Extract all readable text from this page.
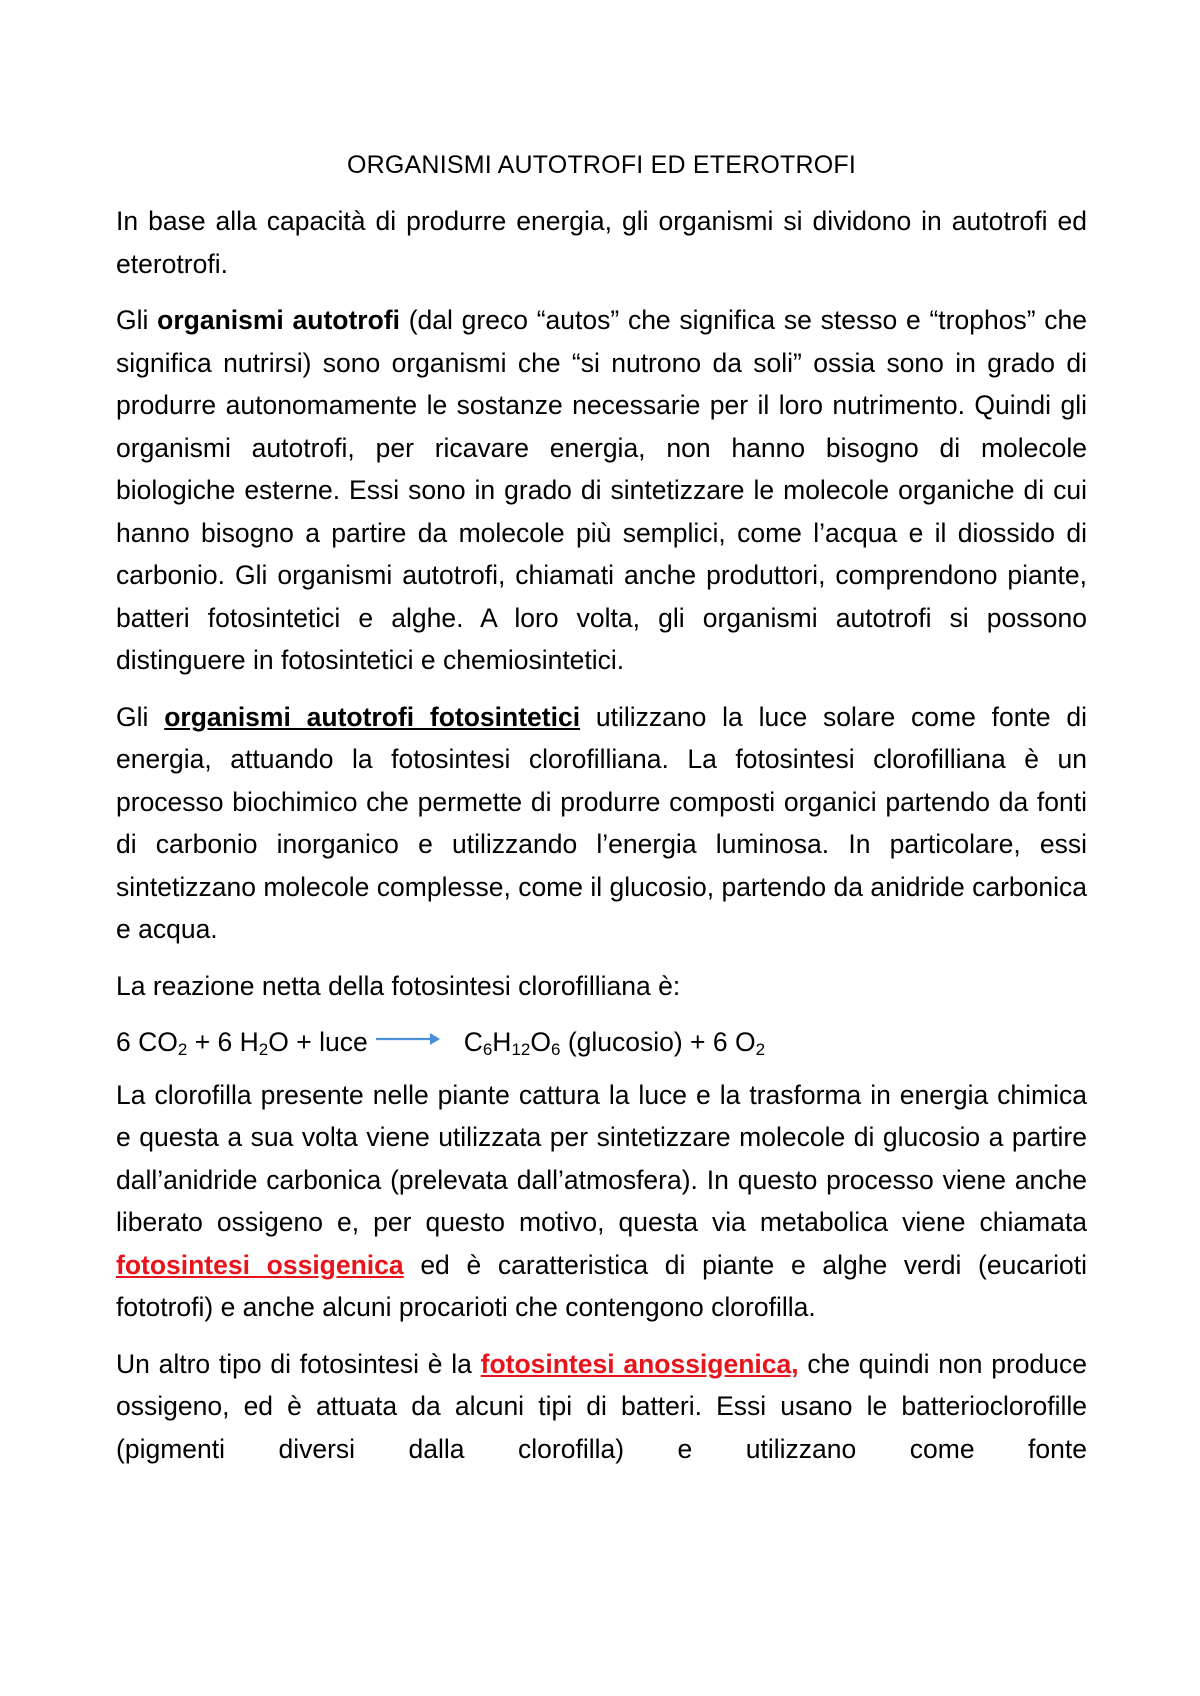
ORGANISMI AUTOTROFI ED ETEROTROFI

In base alla capacità di produrre energia, gli organismi si dividono in autotrofi ed eterotrofi.

Gli organismi autotrofi (dal greco “autos” che significa se stesso e “trophos” che significa nutrirsi) sono organismi che “si nutrono da soli” ossia sono in grado di produrre autonomamente le sostanze necessarie per il loro nutrimento. Quindi gli organismi autotrofi, per ricavare energia, non hanno bisogno di molecole biologiche esterne. Essi sono in grado di sintetizzare le molecole organiche di cui hanno bisogno a partire da molecole più semplici, come l’acqua e il diossido di carbonio. Gli organismi autotrofi, chiamati anche produttori, comprendono piante, batteri fotosintetici e alghe. A loro volta, gli organismi autotrofi si possono distinguere in fotosintetici e chemiosintetici.

Gli organismi autotrofi fotosintetici utilizzano la luce solare come fonte di energia, attuando la fotosintesi clorofilliana. La fotosintesi clorofilliana è un processo biochimico che permette di produrre composti organici partendo da fonti di carbonio inorganico e utilizzando l’energia luminosa. In particolare, essi sintetizzano molecole complesse, come il glucosio, partendo da anidride carbonica e acqua.

La reazione netta della fotosintesi clorofilliana è:

6 $CO_2 + 6$ $H_2O$ + luce → $C_6H_{12}O_6$ (glucosio) + 6 $O_2$

La clorofilla presente nelle piante cattura la luce e la trasforma in energia chimica e questa a sua volta viene utilizzata per sintetizzare molecole di glucosio a partire dall’anidride carbonica (prelevata dall’atmosfera). In questo processo viene anche liberato ossigeno e, per questo motivo, questa via metabolica viene chiamata fotosintesi ossigenica ed è caratteristica di piante e alghe verdi (eucarioti fototrofi) e anche alcuni procarioti che contengono clorofilla.

Un altro tipo di fotosintesi è la fotosintesi anossigenica, che quindi non produce ossigeno, ed è attuata da alcuni tipi di batteri. Essi usano le batterioclorofille (pigmenti diversi dalla clorofilla) e utilizzano come fonte
